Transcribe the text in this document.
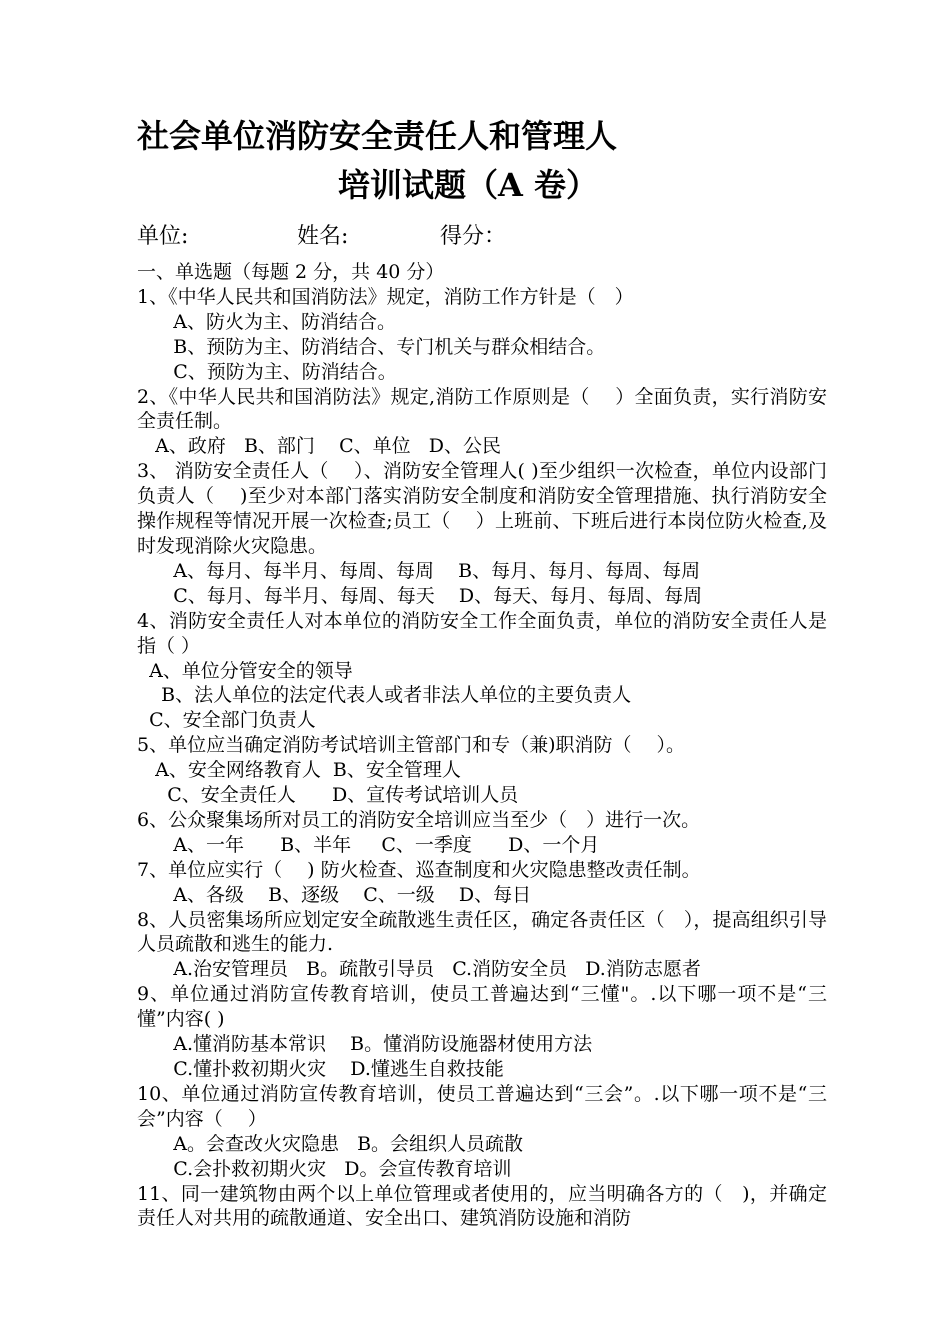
社会单位消防安全责任人和管理人
培训试题（A 卷）
单位:	姓名:	得分：
一、单选题（每题 2 分，共 40 分）
1、《中华人民共和国消防法》规定，消防工作方针是（　）
A、防火为主、防消结合。
B、预防为主、防消结合、专门机关与群众相结合。
C、预防为主、防消结合。
2、《中华人民共和国消防法》规定,消防工作原则是（　 ）全面负责，实行消防安全责任制。
A、政府   B、部门    C、单位   D、公民
3、 消防安全责任人（　 ）、消防安全管理人( )至少组织一次检查，单位内设部门负责人（　 )至少对本部门落实消防安全制度和消防安全管理措施、执行消防安全操作规程等情况开展一次检查;员工（　 ）上班前、下班后进行本岗位防火检查,及时发现消除火灾隐患。
A、每月、每半月、每周、每周    B、每月、每月、每周、每周
C、每月、每半月、每周、每天    D、每天、每月、每周、每周
4、消防安全责任人对本单位的消防安全工作全面负责，单位的消防安全责任人是指（ ）
A、单位分管安全的领导
B、法人单位的法定代表人或者非法人单位的主要负责人
C、安全部门负责人
5、单位应当确定消防考试培训主管部门和专（兼)职消防（　 ）。
A、安全网络教育人  B、安全管理人
C、安全责任人      D、宣传考试培训人员
6、公众聚集场所对员工的消防安全培训应当至少（　）进行一次。
A、一年      B、半年     C、一季度      D、一个月
7、单位应实行（　 ) 防火检查、巡查制度和火灾隐患整改责任制。
A、各级    B、逐级    C、一级    D、每日
8、人员密集场所应划定安全疏散逃生责任区，确定各责任区（　），提高组织引导人员疏散和逃生的能力.
A.治安管理员   B。疏散引导员   C.消防安全员   D.消防志愿者
9、单位通过消防宣传教育培训，使员工普遍达到“三懂"。.以下哪一项不是“三懂”内容( )
A.懂消防基本常识    B。懂消防设施器材使用方法
C.懂扑救初期火灾    D.懂逃生自救技能
10、单位通过消防宣传教育培训，使员工普遍达到“三会”。.以下哪一项不是“三会”内容（　 ）
A。会查改火灾隐患   B。会组织人员疏散
C.会扑救初期火灾   D。会宣传教育培训
11、同一建筑物由两个以上单位管理或者使用的，应当明确各方的（　)，并确定责任人对共用的疏散通道、安全出口、建筑消防设施和消防
